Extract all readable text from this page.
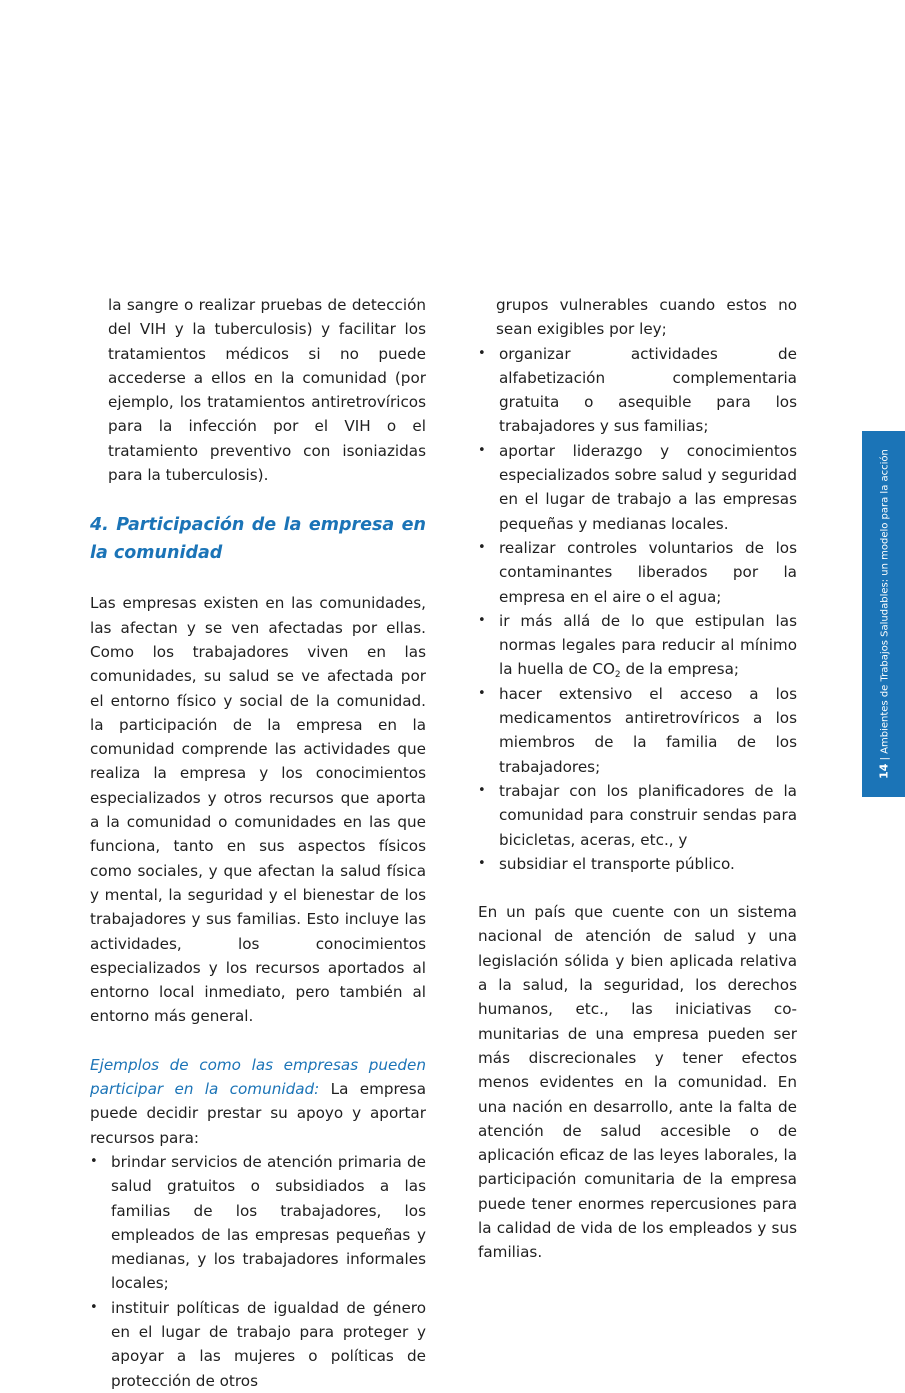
la sangre o realizar pruebas de detección del VIH y la tuberculosis) y facilitar los tratamientos médicos si no puede accederse a ellos en la comunidad (por ejemplo, los tratamientos antiretrovíricos para la infección por el VIH o el tratamiento preventivo con isoniazidas para la tuberculosis).

4. Participación de la empresa en la comunidad

Las empresas existen en las comunidades, las afectan y se ven afectadas por ellas. Como los trabajadores viven en las comunidades, su salud se ve afectada por el entorno físico y social de la comunidad. la participación de la empresa en la comunidad comprende las actividades que realiza la empresa y los conocimientos especializados y otros recursos que aporta a la comunidad o comunidades en las que funciona, tanto en sus aspectos físicos como sociales, y que afectan la salud física y mental, la seguridad y el bienestar de los trabajadores y sus familias. Esto incluye las actividades, los conocimientos especializados y los recursos aportados al entorno local inmediato, pero también al entorno más general.

Ejemplos de como las empresas pueden participar en la comunidad: La empresa puede decidir prestar su apoyo y aportar recursos para:

• brindar servicios de atención primaria de salud gratuitos o subsidiados a las familias de los trabajadores, los empleados de las empresas pequeñas y medianas, y los trabajadores informales locales;
• instituir políticas de igualdad de género en el lugar de trabajo para proteger y apoyar a las mujeres o políticas de protección de otros

grupos vulnerables cuando estos no sean exigibles por ley;

• organizar actividades de alfabetización complementaria gratuita o asequible para los trabajadores y sus familias;
• aportar liderazgo y conocimientos especializados sobre salud y seguridad en el lugar de trabajo a las empresas pequeñas y medianas locales.
• realizar controles voluntarios de los contaminantes liberados por la empresa en el aire o el agua;
• ir más allá de lo que estipulan las normas legales para reducir al mínimo la huella de $CO_2$ de la empresa;
• hacer extensivo el acceso a los medicamentos antiretrovíricos a los miembros de la familia de los trabajadores;
• trabajar con los planificadores de la comunidad para construir sendas para bicicletas, aceras, etc., y
• subsidiar el transporte público.

En un país que cuente con un sistema nacional de atención de salud y una legislación sólida y bien aplicada relativa a la salud, la seguridad, los derechos humanos, etc., las iniciativas comunitarias de una empresa pueden ser más discrecionales y tener efectos menos evidentes en la comunidad. En una nación en desarrollo, ante la falta de atención de salud accesible o de aplicación eficaz de las leyes laborales, la participación comunitaria de la empresa puede tener enormes repercusiones para la calidad de vida de los empleados y sus familias.

14 | Ambientes de Trabajos Saludables: un modelo para la acción
